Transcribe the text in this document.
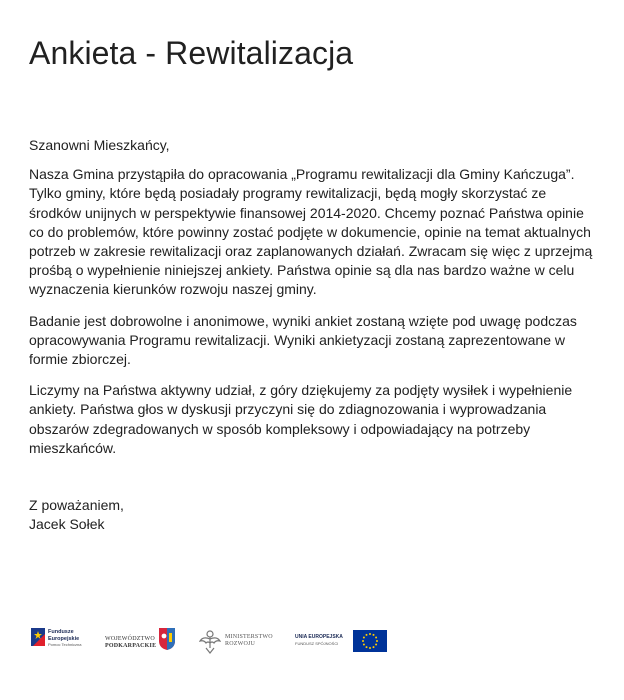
Ankieta - Rewitalizacja

Szanowni Mieszkańcy,

Nasza Gmina przystąpiła do opracowania „Programu rewitalizacji dla Gminy Kańczuga”. Tylko gminy, które będą posiadały programy rewitalizacji, będą mogły skorzystać ze środków unijnych w perspektywie finansowej 2014-2020. Chcemy poznać Państwa opinie co do problemów, które powinny zostać podjęte w dokumencie, opinie na temat aktualnych potrzeb w zakresie rewitalizacji oraz zaplanowanych działań. Zwracam się więc z uprzejmą prośbą o wypełnienie niniejszej ankiety. Państwa opinie są dla nas bardzo ważne w celu wyznaczenia kierunków rozwoju naszej gminy.

Badanie jest dobrowolne i anonimowe, wyniki ankiet zostaną wzięte pod uwagę podczas opracowywania Programu rewitalizacji. Wyniki ankietyzacji zostaną zaprezentowane w formie zbiorczej.

Liczymy na Państwa aktywny udział, z góry dziękujemy za podjęty wysiłek i wypełnienie ankiety. Państwa głos w dyskusji przyczyni się do zdiagnozowania i wyprowadzania obszarów zdegradowanych w sposób kompleksowy i odpowiadający na potrzeby mieszkańców.

Z poważaniem,
Jacek Sołek
Fundusze
Europejskie
Pomoc Techniczna
WOJEWÓDZTWO
PODKARPACKIE
MINISTERSTWO
ROZWOJU
UNIA EUROPEJSKA
FUNDUSZ SPÓJNOŚCI
